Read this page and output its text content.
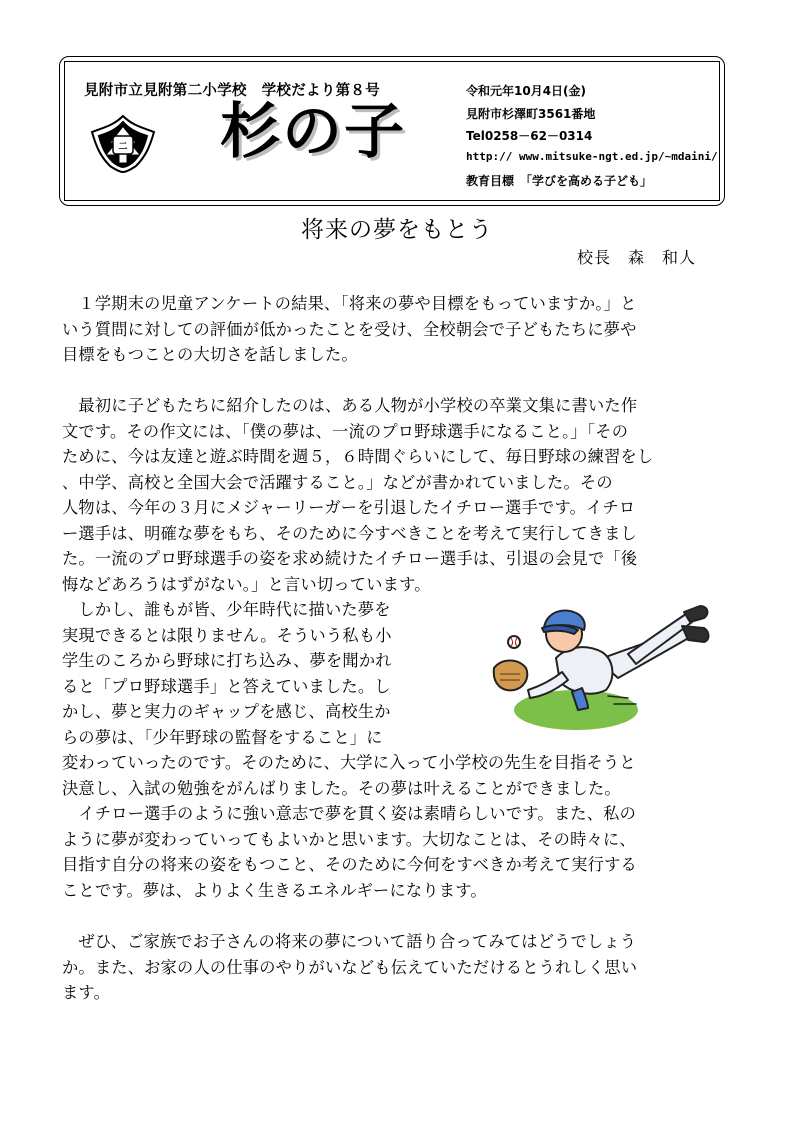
見附市立見附第二小学校　学校だより第８号
二 杉の子
令和元年10月4日(金)
見附市杉澤町3561番地
Tel0258－62－0314
http:// www.mitsuke-ngt.ed.jp/~mdaini/
教育目標　「学びを高める子ども」
将来の夢をもとう
校長　森　和人
　１学期末の児童アンケートの結果、「将来の夢や目標をもっていますか。」と
いう質問に対しての評価が低かったことを受け、全校朝会で子どもたちに夢や
目標をもつことの大切さを話しました。
　最初に子どもたちに紹介したのは、ある人物が小学校の卒業文集に書いた作
文です。その作文には、「僕の夢は、一流のプロ野球選手になること。」「その
ために、今は友達と遊ぶ時間を週５，６時間ぐらいにして、毎日野球の練習をし
、中学、高校と全国大会で活躍すること。」などが書かれていました。その
人物は、今年の３月にメジャーリーガーを引退したイチロー選手です。イチロ
ー選手は、明確な夢をもち、そのために今すべきことを考えて実行してきまし
た。一流のプロ野球選手の姿を求め続けたイチロー選手は、引退の会見で「後
悔などあろうはずがない。」と言い切っています。
　しかし、誰もが皆、少年時代に描いた夢を
実現できるとは限りません。そういう私も小
学生のころから野球に打ち込み、夢を聞かれ
ると「プロ野球選手」と答えていました。し
かし、夢と実力のギャップを感じ、高校生か
らの夢は、「少年野球の監督をすること」に
変わっていったのです。そのために、大学に入って小学校の先生を目指そうと
決意し、入試の勉強をがんばりました。その夢は叶えることができました。
　イチロー選手のように強い意志で夢を貫く姿は素晴らしいです。また、私の
ように夢が変わっていってもよいかと思います。大切なことは、その時々に、
目指す自分の将来の姿をもつこと、そのために今何をすべきか考えて実行する
ことです。夢は、よりよく生きるエネルギーになります。
　ぜひ、ご家族でお子さんの将来の夢について語り合ってみてはどうでしょう
か。また、お家の人の仕事のやりがいなども伝えていただけるとうれしく思い
ます。
